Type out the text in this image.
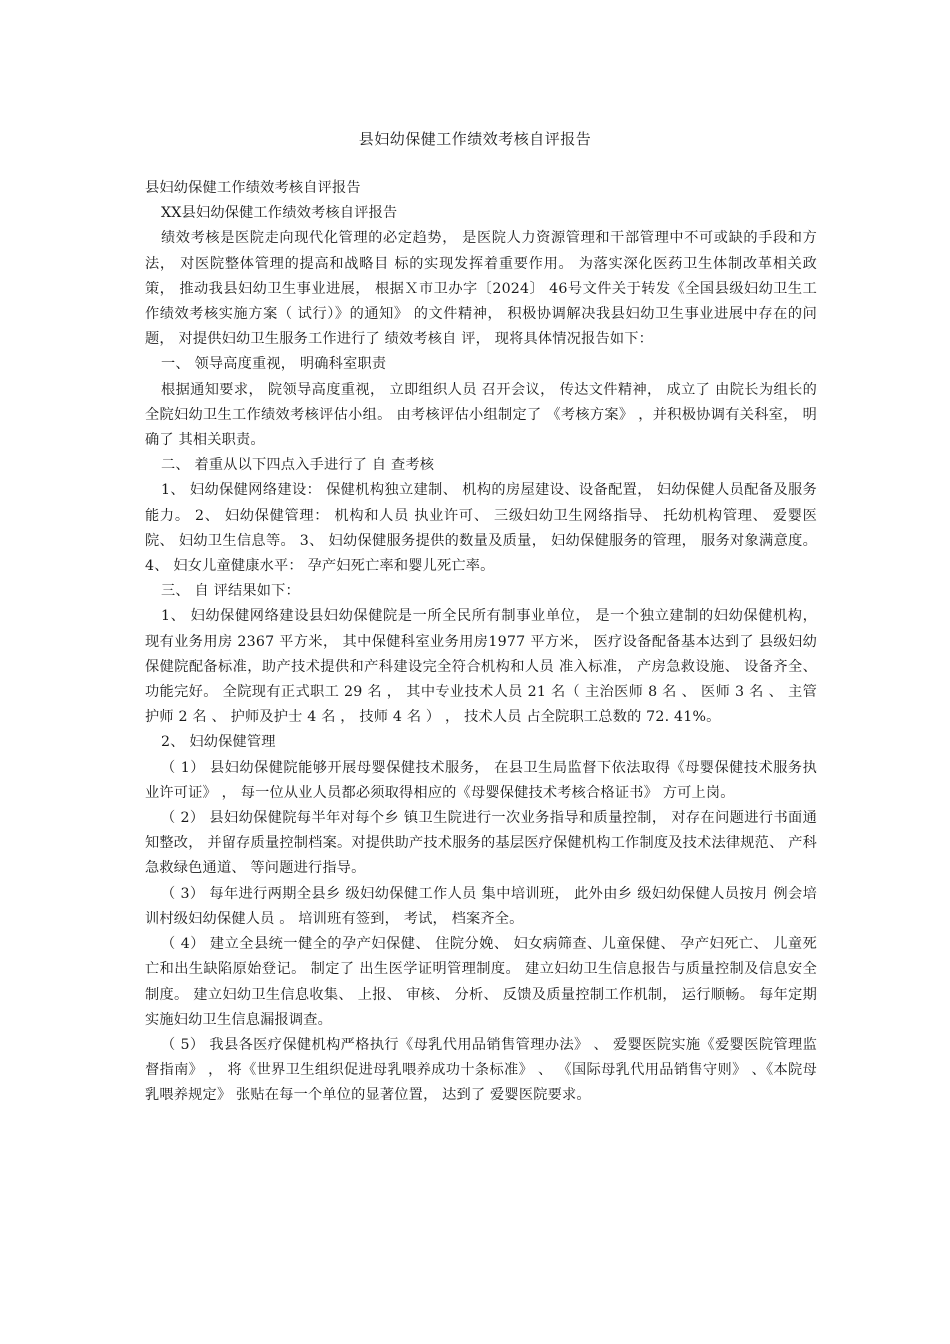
县妇幼保健工作绩效考核自评报告

县妇幼保健工作绩效考核自评报告

XX县妇幼保健工作绩效考核自评报告

绩效考核是医院走向现代化管理的必定趋势， 是医院人力资源管理和干部管理中不可或缺的手段和方法， 对医院整体管理的提高和战略目 标的实现发挥着重要作用。 为落实深化医药卫生体制改革相关政策， 推动我县妇幼卫生事业进展， 根据Ｘ市卫办字〔2024〕 46号文件关于转发《全国县级妇幼卫生工作绩效考核实施方案（ 试行）》的通知》 的文件精神， 积极协调解决我县妇幼卫生事业进展中存在的问题， 对提供妇幼卫生服务工作进行了 绩效考核自 评， 现将具体情况报告如下：

一、 领导高度重视， 明确科室职责

根据通知要求， 院领导高度重视， 立即组织人员 召开会议， 传达文件精神， 成立了 由院长为组长的全院妇幼卫生工作绩效考核评估小组。 由考核评估小组制定了 《考核方案》 ，并积极协调有关科室， 明确了 其相关职责。

二、 着重从以下四点入手进行了 自 查考核

1、 妇幼保健网络建设： 保健机构独立建制、 机构的房屋建设、设备配置， 妇幼保健人员配备及服务能力。 2、 妇幼保健管理： 机构和人员 执业许可、 三级妇幼卫生网络指导、 托幼机构管理、 爱婴医院、 妇幼卫生信息等。 3、 妇幼保健服务提供的数量及质量， 妇幼保健服务的管理， 服务对象满意度。 4、 妇女儿童健康水平： 孕产妇死亡率和婴儿死亡率。

三、 自 评结果如下：

1、 妇幼保健网络建设县妇幼保健院是一所全民所有制事业单位， 是一个独立建制的妇幼保健机构， 现有业务用房 2367 平方米， 其中保健科室业务用房1977 平方米， 医疗设备配备基本达到了 县级妇幼保健院配备标准，助产技术提供和产科建设完全符合机构和人员 准入标准， 产房急救设施、 设备齐全、 功能完好。 全院现有正式职工 29 名 ， 其中专业技术人员 21 名（ 主治医师 8 名 、 医师 3 名 、 主管护师 2 名 、 护师及护士 4 名 ， 技师 4 名 ） ， 技术人员 占全院职工总数的 72. 41%。

2、 妇幼保健管理

（ 1） 县妇幼保健院能够开展母婴保健技术服务， 在县卫生局监督下依法取得《母婴保健技术服务执业许可证》 ， 每一位从业人员都必须取得相应的《母婴保健技术考核合格证书》 方可上岗。

（ 2） 县妇幼保健院每半年对每个乡 镇卫生院进行一次业务指导和质量控制， 对存在问题进行书面通知整改， 并留存质量控制档案。对提供助产技术服务的基层医疗保健机构工作制度及技术法律规范、 产科急救绿色通道、 等问题进行指导。

（ 3） 每年进行两期全县乡 级妇幼保健工作人员 集中培训班， 此外由乡 级妇幼保健人员按月 例会培训村级妇幼保健人员 。 培训班有签到， 考试， 档案齐全。

（ 4） 建立全县统一健全的孕产妇保健、 住院分娩、 妇女病筛查、儿童保健、 孕产妇死亡、 儿童死亡和出生缺陷原始登记。 制定了 出生医学证明管理制度。 建立妇幼卫生信息报告与质量控制及信息安全制度。 建立妇幼卫生信息收集、 上报、 审核、 分析、 反馈及质量控制工作机制， 运行顺畅。 每年定期实施妇幼卫生信息漏报调查。

（ 5） 我县各医疗保健机构严格执行《母乳代用品销售管理办法》 、 爱婴医院实施《爱婴医院管理监督指南》 ， 将《世界卫生组织促进母乳喂养成功十条标准》 、 《国际母乳代用品销售守则》 、《本院母乳喂养规定》 张贴在每一个单位的显著位置， 达到了 爱婴医院要求。
